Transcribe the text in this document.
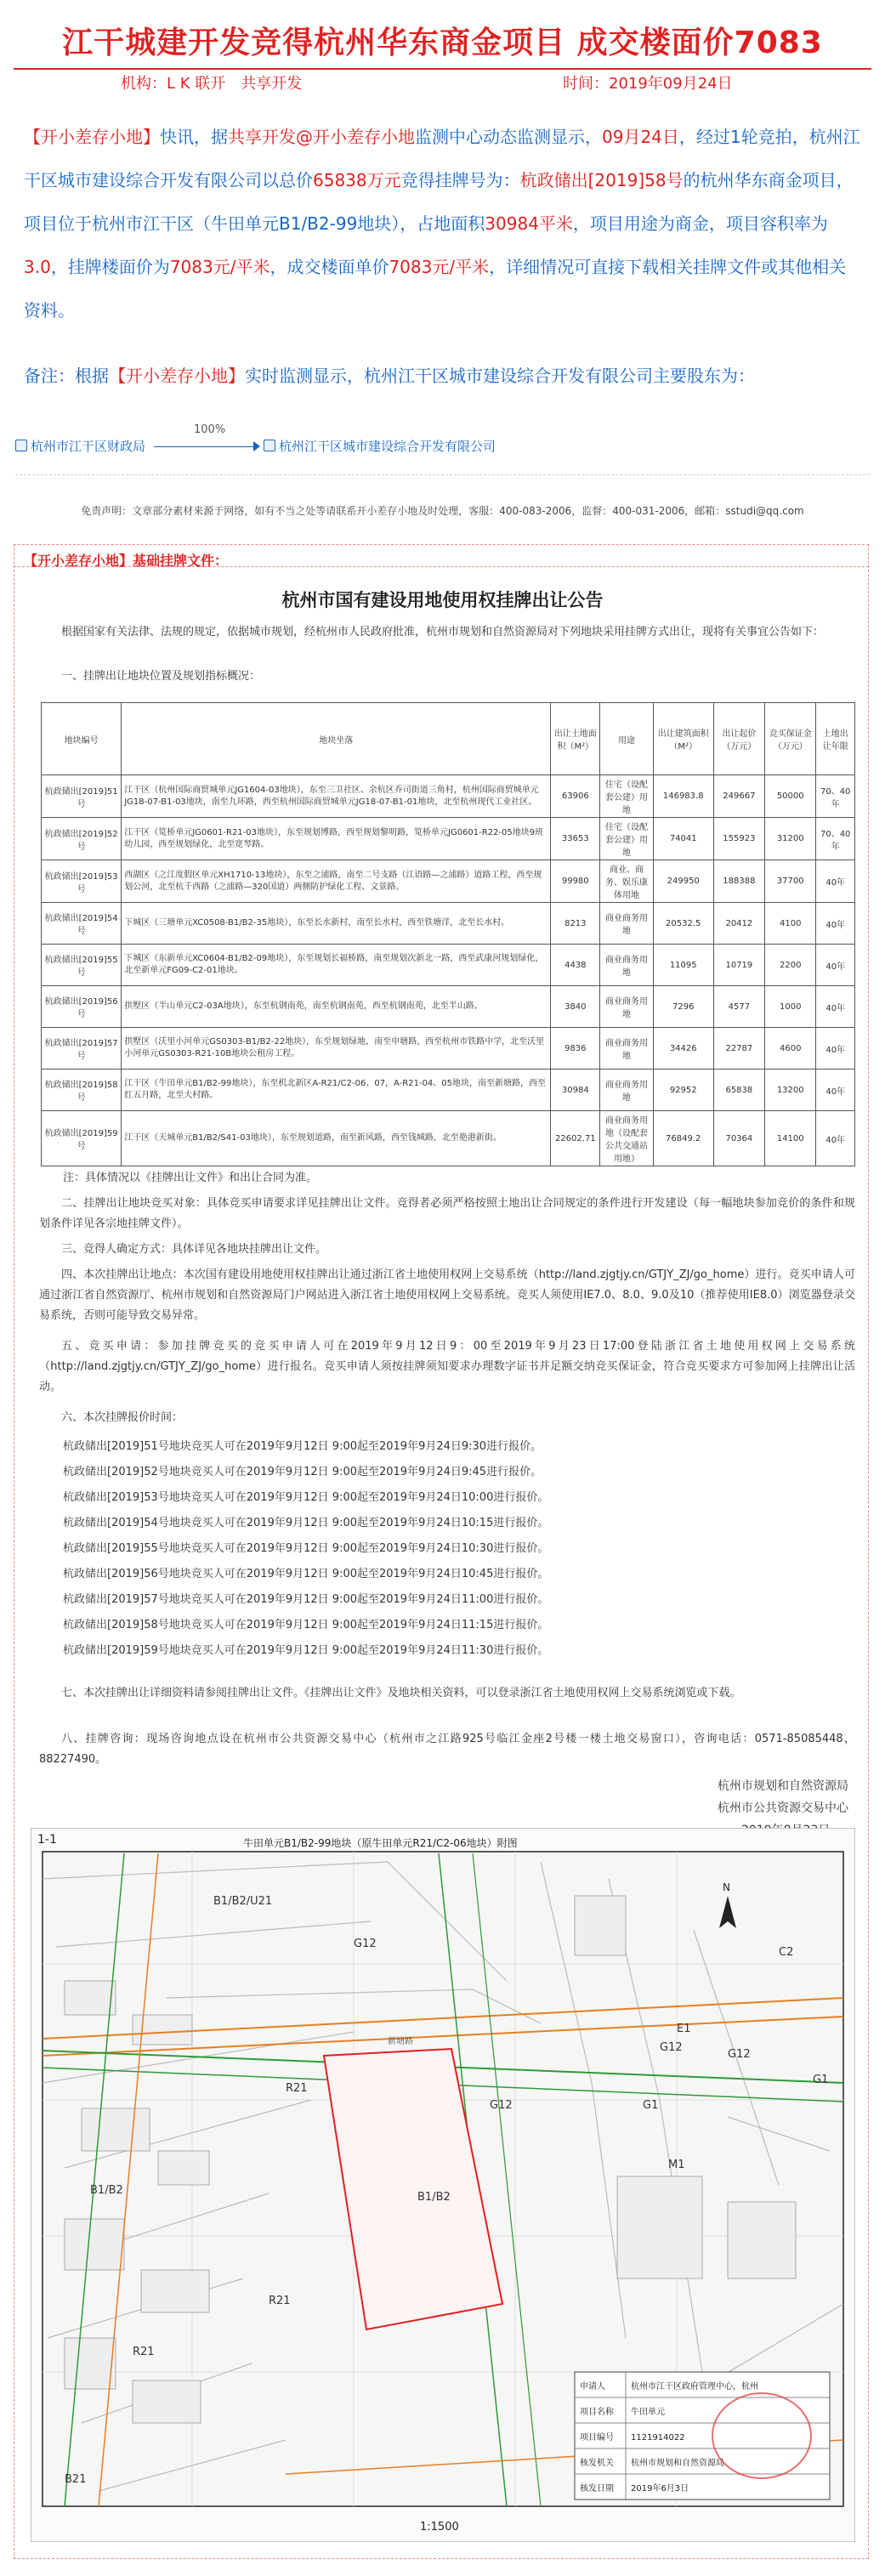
江干城建开发竞得杭州华东商金项目 成交楼面价7083
机构：L K 联开　共享开发	时间：2019年09月24日
【开小差存小地】快讯，据共享开发@开小差存小地监测中心动态监测显示，09月24日，经过1轮竞拍，杭州江干区城市建设综合开发有限公司以总价65838万元竞得挂牌号为：杭政储出[2019]58号的杭州华东商金项目，项目位于杭州市江干区（牛田单元B1/B2-99地块），占地面积30984平米，项目用途为商金，项目容积率为3.0，挂牌楼面价为7083元/平米，成交楼面单价7083元/平米，详细情况可直接下载相关挂牌文件或其他相关资料。
备注：根据【开小差存小地】实时监测显示，杭州江干区城市建设综合开发有限公司主要股东为：
杭州市江干区财政局
100%
杭州江干区城市建设综合开发有限公司
免责声明：文章部分素材来源于网络，如有不当之处等请联系开小差存小地及时处理，客服：400-083-2006，监督：400-031-2006，邮箱：sstudi@qq.com
【开小差存小地】基础挂牌文件：
杭州市国有建设用地使用权挂牌出让公告
根据国家有关法律、法规的规定，依据城市规划，经杭州市人民政府批准，杭州市规划和自然资源局对下列地块采用挂牌方式出让，现将有关事宜公告如下：
一、挂牌出让地块位置及规划指标概况：
地块编号	地块坐落	出让土地面积（M²）	用途	出让建筑面积（M²）	出让起价（万元）	竞买保证金（万元）	土地出让年限
杭政储出[2019]51号	江干区（杭州国际商贸城单元JG1604-03地块），东至三卫社区、余杭区乔司街道三角村，杭州国际商贸城单元JG18-07-B1-03地块，南至九环路，西至杭州国际商贸城单元JG18-07-B1-01地块，北至杭州现代工业社区。	63906	住宅（设配套公建）用地	146983.8	249667	50000	70、40年
杭政储出[2019]52号	江干区（笕桥单元JG0601-R21-03地块），东至规划博路，西至规划黎明路，笕桥单元JG0601-R22-05地块9班幼儿园，西至规划绿化，北至宽琴路。	33653	住宅（设配套公建）用地	74041	155923	31200	70、40年
杭政储出[2019]53号	西湖区（之江度假区单元XH1710-13地块），东至之浦路，南至二号支路（江语路—之浦路）道路工程，西至规划公河，北至杭千西路（之浦路—320国道）两侧防护绿化工程、文景路。	99980	商业、商务、娱乐康体用地	249950	188388	37700	40年
杭政储出[2019]54号	下城区（三塘单元XC0508-B1/B2-35地块），东至长水新村，南至长水村，西至铁塘洋，北至长水村。	8213	商业商务用地	20532.5	20412	4100	40年
杭政储出[2019]55号	下城区（东新单元XC0604-B1/B2-09地块），东至规划长福桥路，南至规划次新北一路，西至武康河规划绿化，北至新单元FG09-C2-01地块。	4438	商业商务用地	11095	10719	2200	40年
杭政储出[2019]56号	拱墅区（半山单元C2-03A地块），东至杭钢南苑，南至杭钢南苑，西至杭钢南苑，北至半山路。	3840	商业商务用地	7296	4577	1000	40年
杭政储出[2019]57号	拱墅区（沃里小河单元GS0303-B1/B2-22地块），东至规划绿地，南至申塘路，西至杭州市铁路中学，北至沃里小河单元GS0303-R21-10B地块公租房工程。	9836	商业商务用地	34426	22787	4600	40年
杭政储出[2019]58号	江干区（牛田单元B1/B2-99地块），东至机北新区A-R21/C2-06、07，A-R21-04、05地块，南至新塘路，西至红五月路，北至大村路。	30984	商业商务用地	92952	65838	13200	40年
杭政储出[2019]59号	江干区（天城单元B1/B2/S41-03地块），东至规划道路，南至新风路，西至钱城路，北至艳港新街。	22602.71	商业商务用地（设配套公共交通站用地）	76849.2	70364	14100	40年
注：具体情况以《挂牌出让文件》和出让合同为准。
二、挂牌出让地块竞买对象：具体竞买申请要求详见挂牌出让文件。竞得者必须严格按照土地出让合同规定的条件进行开发建设（每一幅地块参加竞价的条件和规划条件详见各宗地挂牌文件）。
三、竞得人确定方式：具体详见各地块挂牌出让文件。
四、本次挂牌出让地点：本次国有建设用地使用权挂牌出让通过浙江省土地使用权网上交易系统（http://land.zjgtjy.cn/GTJY_ZJ/go_home）进行。竞买申请人可通过浙江省自然资源厅、杭州市规划和自然资源局门户网站进入浙江省土地使用权网上交易系统。竞买人须使用IE7.0、8.0、9.0及10（推荐使用IE8.0）浏览器登录交易系统，否则可能导致交易异常。
五、竞买申请：参加挂牌竞买的竞买申请人可在2019年9月12日9：00至2019年9月23日17:00登陆浙江省土地使用权网上交易系统（http://land.zjgtjy.cn/GTJY_ZJ/go_home）进行报名。竞买申请人须按挂牌须知要求办理数字证书并足额交纳竞买保证金，符合竞买要求方可参加网上挂牌出让活动。
六、本次挂牌报价时间：
杭政储出[2019]51号地块竞买人可在2019年9月12日 9:00起至2019年9月24日9:30进行报价。
杭政储出[2019]52号地块竞买人可在2019年9月12日 9:00起至2019年9月24日9:45进行报价。
杭政储出[2019]53号地块竞买人可在2019年9月12日 9:00起至2019年9月24日10:00进行报价。
杭政储出[2019]54号地块竞买人可在2019年9月12日 9:00起至2019年9月24日10:15进行报价。
杭政储出[2019]55号地块竞买人可在2019年9月12日 9:00起至2019年9月24日10:30进行报价。
杭政储出[2019]56号地块竞买人可在2019年9月12日 9:00起至2019年9月24日10:45进行报价。
杭政储出[2019]57号地块竞买人可在2019年9月12日 9:00起至2019年9月24日11:00进行报价。
杭政储出[2019]58号地块竞买人可在2019年9月12日 9:00起至2019年9月24日11:15进行报价。
杭政储出[2019]59号地块竞买人可在2019年9月12日 9:00起至2019年9月24日11:30进行报价。
七、本次挂牌出让详细资料请参阅挂牌出让文件。《挂牌出让文件》及地块相关资料，可以登录浙江省土地使用权网上交易系统浏览或下载。
八、挂牌咨询：现场咨询地点设在杭州市公共资源交易中心（杭州市之江路925号临江金座2号楼一楼土地交易窗口），咨询电话：0571-85085448，88227490。
杭州市规划和自然资源局
杭州市公共资源交易中心
1-1	牛田单元B1/B2-99地块（原牛田单元R21/C2-06地块）附图
B1/B2
B1/B2/U21
R21
B21
B1/B2
G12
G12
G12
G12
G1
G1
E1
M1
C2
R21
R21
新塘路
N
申请人	杭州市江干区政府管理中心，杭州
项目名称 牛田单元
项目编号 1121914022
核发机关 杭州市规划和自然资源局
核发日期 2019年6月3日
1:1500
